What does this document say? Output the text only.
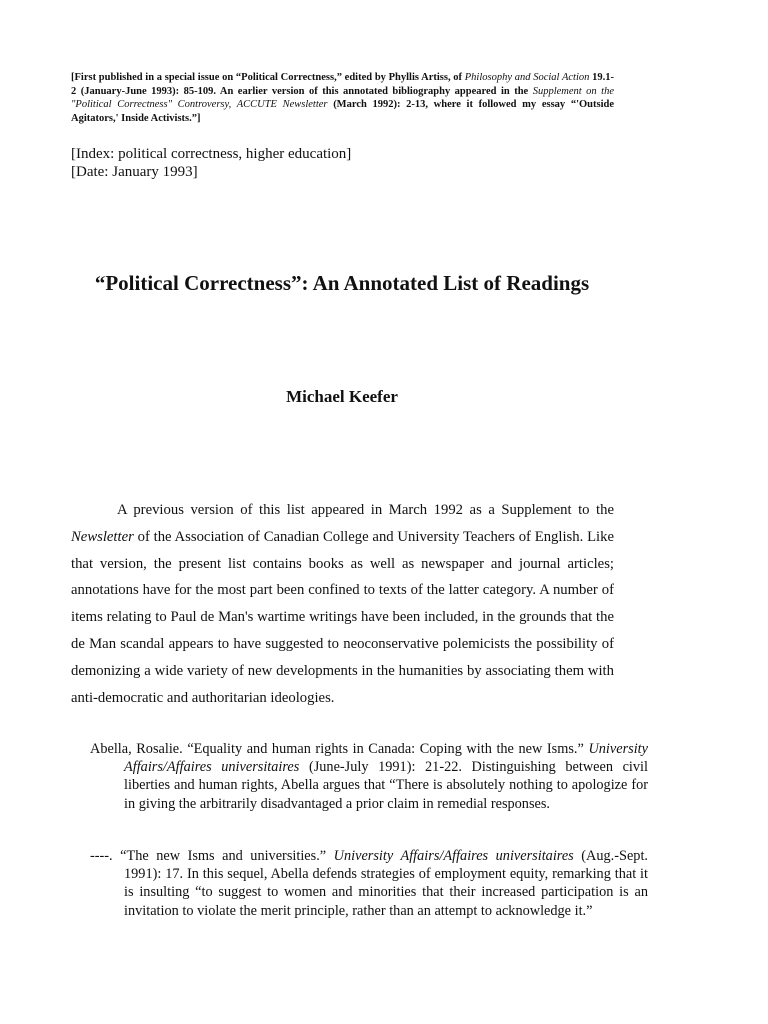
[First published in a special issue on “Political Correctness,” edited by Phyllis Artiss, of Philosophy and Social Action 19.1-2 (January-June 1993): 85-109. An earlier version of this annotated bibliography appeared in the Supplement on the "Political Correctness" Controversy, ACCUTE Newsletter (March 1992): 2-13, where it followed my essay “'Outside Agitators,' Inside Activists.”]
[Index: political correctness, higher education]
[Date: January 1993]
“Political Correctness”: An Annotated List of Readings
Michael Keefer

A previous version of this list appeared in March 1992 as a Supplement to the Newsletter of the Association of Canadian College and University Teachers of English. Like that version, the present list contains books as well as newspaper and journal articles; annotations have for the most part been confined to texts of the latter category. A number of items relating to Paul de Man's wartime writings have been included, in the grounds that the de Man scandal appears to have suggested to neoconservative polemicists the possibility of demonizing a wide variety of new developments in the humanities by associating them with anti-democratic and authoritarian ideologies.

Abella, Rosalie. “Equality and human rights in Canada: Coping with the new Isms.” University Affairs/Affaires universitaires (June-July 1991): 21-22. Distinguishing between civil liberties and human rights, Abella argues that “There is absolutely nothing to apologize for in giving the arbitrarily disadvantaged a prior claim in remedial responses.

----. “The new Isms and universities.” University Affairs/Affaires universitaires (Aug.-Sept. 1991): 17. In this sequel, Abella defends strategies of employment equity, remarking that it is insulting “to suggest to women and minorities that their increased participation is an invitation to violate the merit principle, rather than an attempt to acknowledge it.”
